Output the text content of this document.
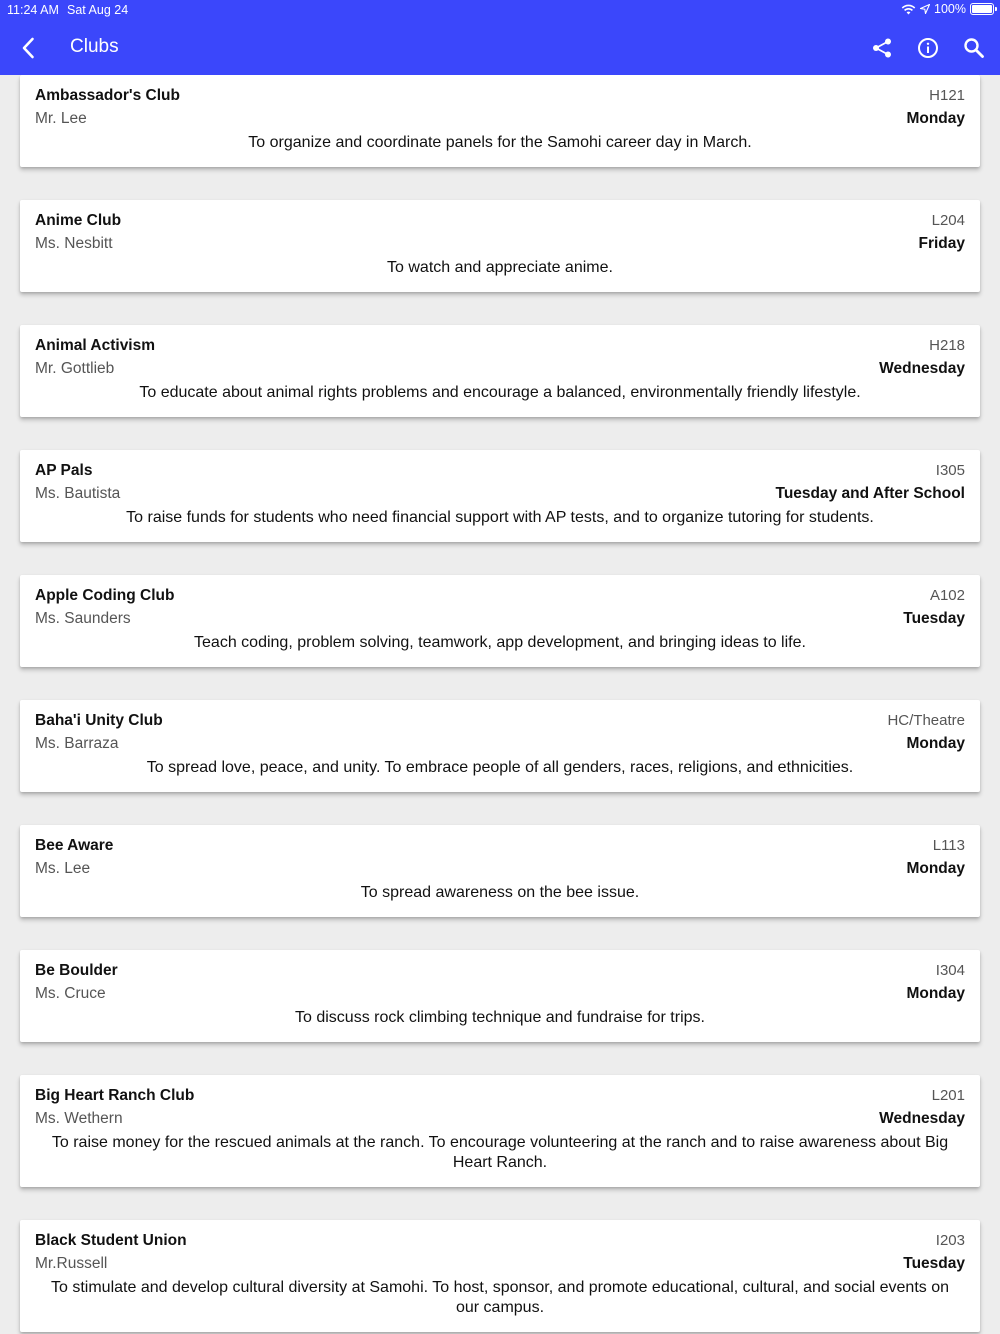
11:24 AM Sat Aug 24	100%
Clubs
Ambassador's Club	H121
Mr. Lee	Monday
To organize and coordinate panels for the Samohi career day in March.
Anime Club	L204
Ms. Nesbitt	Friday
To watch and appreciate anime.
Animal Activism	H218
Mr. Gottlieb	Wednesday
To educate about animal rights problems and encourage a balanced, environmentally friendly lifestyle.
AP Pals	I305
Ms. Bautista	Tuesday and After School
To raise funds for students who need financial support with AP tests, and to organize tutoring for students.
Apple Coding Club	A102
Ms. Saunders	Tuesday
Teach coding, problem solving, teamwork, app development, and bringing ideas to life.
Baha'i Unity Club	HC/Theatre
Ms. Barraza	Monday
To spread love, peace, and unity. To embrace people of all genders, races, religions, and ethnicities.
Bee Aware	L113
Ms. Lee	Monday
To spread awareness on the bee issue.
Be Boulder	I304
Ms. Cruce	Monday
To discuss rock climbing technique and fundraise for trips.
Big Heart Ranch Club	L201
Ms. Wethern	Wednesday
To raise money for the rescued animals at the ranch. To encourage volunteering at the ranch and to raise awareness about Big Heart Ranch.
Black Student Union	I203
Mr.Russell	Tuesday
To stimulate and develop cultural diversity at Samohi. To host, sponsor, and promote educational, cultural, and social events on our campus.
